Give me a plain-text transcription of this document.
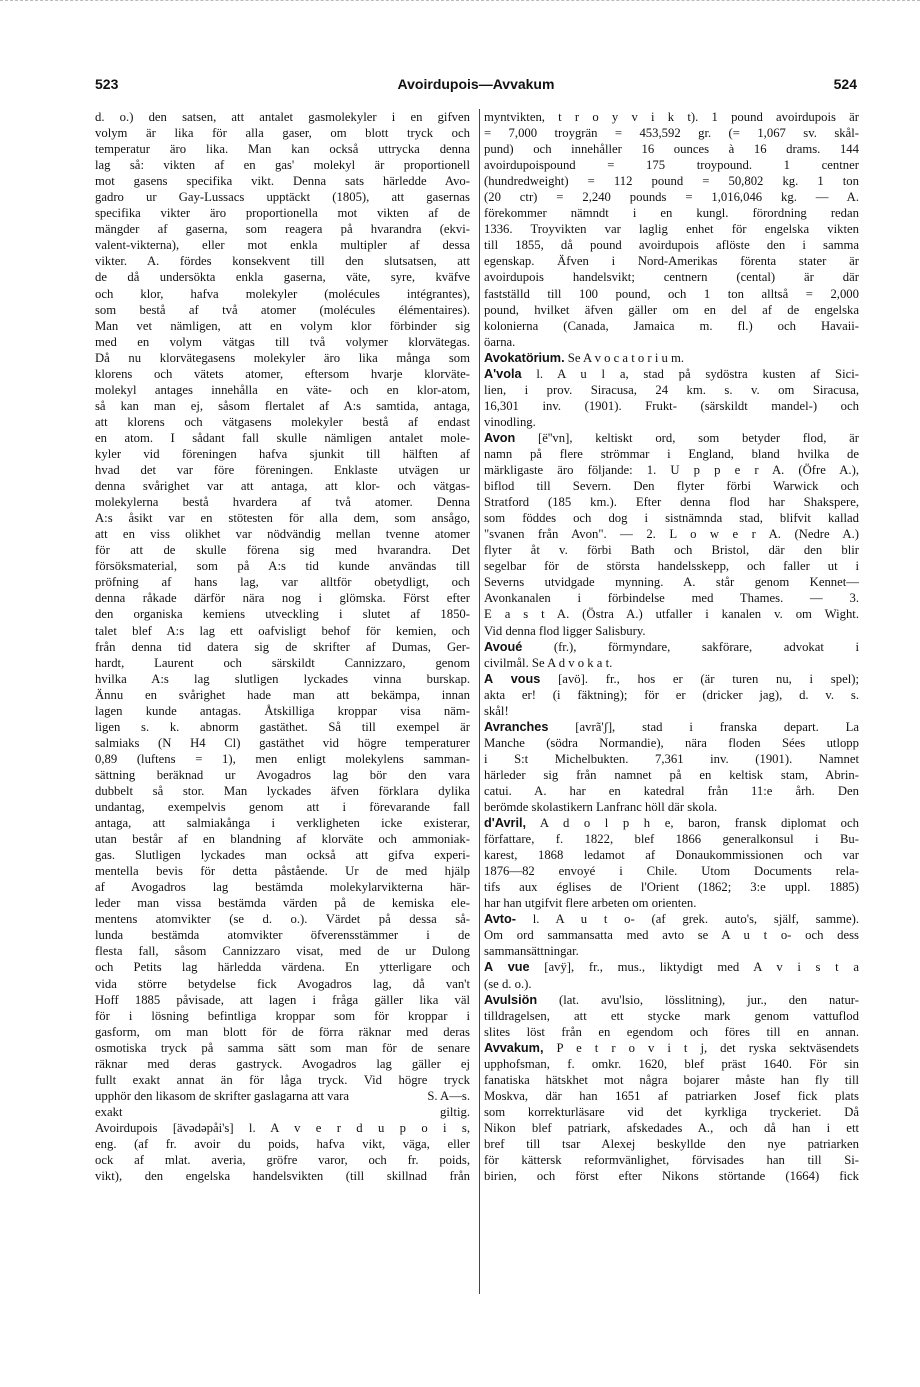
523	Avoirdupois—Avvakum	524
d. o.) den satsen, att antalet gasmolekyler i en gifven
volym är lika för alla gaser, om blott tryck och
temperatur äro lika. Man kan också uttrycka denna
lag så: vikten af en gas' molekyl är proportionell
mot gasens specifika vikt. Denna sats härledde Avo-
gadro ur Gay-Lussacs upptäckt (1805), att gasernas
specifika vikter äro proportionella mot vikten af de
mängder af gaserna, som reagera på hvarandra (ekvi-
valent-vikterna), eller mot enkla multipler af dessa
vikter. A. fördes konsekvent till den slutsatsen, att
de då undersökta enkla gaserna, väte, syre, kväfve
och klor, hafva molekyler (molécules intégrantes),
som bestå af två atomer (molécules élémentaires).
Man vet nämligen, att en volym klor förbinder sig
med en volym vätgas till två volymer klorvätegas.
Då nu klorvätegasens molekyler äro lika många som
klorens och vätets atomer, eftersom hvarje klorväte-
molekyl antages innehålla en väte- och en klor-atom,
så kan man ej, såsom flertalet af A:s samtida, antaga,
att klorens och vätgasens molekyler bestå af endast
en atom. I sådant fall skulle nämligen antalet mole-
kyler vid föreningen hafva sjunkit till hälften af
hvad det var före föreningen. Enklaste utvägen ur
denna svårighet var att antaga, att klor- och vätgas-
molekylerna bestå hvardera af två atomer. Denna
A:s åsikt var en stötesten för alla dem, som ansågo,
att en viss olikhet var nödvändig mellan tvenne atomer
för att de skulle förena sig med hvarandra. Det
försöksmaterial, som på A:s tid kunde användas till
pröfning af hans lag, var alltför obetydligt, och
denna råkade därför nära nog i glömska. Först efter
den organiska kemiens utveckling i slutet af 1850-
talet blef A:s lag ett oafvisligt behof för kemien, och
från denna tid datera sig de skrifter af Dumas, Ger-
hardt, Laurent och särskildt Cannizzaro, genom
hvilka A:s lag slutligen lyckades vinna burskap.
Ännu en svårighet hade man att bekämpa, innan
lagen kunde antagas. Åtskilliga kroppar visa näm-
ligen s. k. abnorm gastäthet. Så till exempel är
salmiaks (N H4 Cl) gastäthet vid högre temperaturer
0,89 (luftens = 1), men enligt molekylens samman-
sättning beräknad ur Avogadros lag bör den vara
dubbelt så stor. Man lyckades äfven förklara dylika
undantag, exempelvis genom att i förevarande fall
antaga, att salmiakånga i verkligheten icke existerar,
utan består af en blandning af klorväte och ammoniak-
gas. Slutligen lyckades man också att gifva experi-
mentella bevis för detta påstående. Ur de med hjälp
af Avogadros lag bestämda molekylarvikterna här-
leder man vissa bestämda värden på de kemiska ele-
mentens atomvikter (se d. o.). Värdet på dessa så-
lunda bestämda atomvikter öfverensstämmer i de
flesta fall, såsom Cannizzaro visat, med de ur Dulong
och Petits lag härledda värdena. En ytterligare och
vida större betydelse fick Avogadros lag, då van't
Hoff 1885 påvisade, att lagen i fråga gäller lika väl
för i lösning befintliga kroppar som för kroppar i
gasform, om man blott för de förra räknar med deras
osmotiska tryck på samma sätt som man för de senare
räknar med deras gastryck. Avogadros lag gäller ej
fullt exakt annat än för låga tryck. Vid högre tryck
upphör den likasom de skrifter gaslagarna att vara	S. A—s.
exakt giltig.
Avoirdupois [ävədəpåi's] l. A v e r d u p o i s,
eng. (af fr. avoir du poids, hafva vikt, väga, eller
ock af mlat. averia, gröfre varor, och fr. poids,
vikt), den engelska handelsvikten (till skillnad från
myntvikten, t r o y v i k t). 1 pound avoirdupois är
= 7,000 troygrän = 453,592 gr. (= 1,067 sv. skål-
pund) och innehåller 16 ounces à 16 drams. 144
avoirdupoispound = 175 troypound. 1 centner
(hundredweight) = 112 pound = 50,802 kg. 1 ton
(20 ctr) = 2,240 pounds = 1,016,046 kg. — A.
förekommer nämndt i en kungl. förordning redan
1336. Troyvikten var laglig enhet för engelska vikten
till 1855, då pound avoirdupois aflöste den i samma
egenskap. Äfven i Nord-Amerikas förenta stater är
avoirdupois handelsvikt; centnern (cental) är där
fastställd till 100 pound, och 1 ton alltså = 2,000
pound, hvilket äfven gäller om en del af de engelska
kolonierna (Canada, Jamaica m. fl.) och Havaii-
öarna.
Avokatörium. Se A v o c a t o r i u m.
A'vola l. A u l a, stad på sydöstra kusten af Sici-
lien, i prov. Siracusa, 24 km. s. v. om Siracusa,
16,301 inv. (1901). Frukt- (särskildt mandel-) och
vinodling.
Avon [ë''vn], keltiskt ord, som betyder flod, är
namn på flere strömmar i England, bland hvilka de
märkligaste äro följande: 1. U p p e r A. (Öfre A.),
biflod till Severn. Den flyter förbi Warwick och
Stratford (185 km.). Efter denna flod har Shakspere,
som föddes och dog i sistnämnda stad, blifvit kallad
"svanen från Avon". — 2. L o w e r A. (Nedre A.)
flyter åt v. förbi Bath och Bristol, där den blir
segelbar för de största handelsskepp, och faller ut i
Severns utvidgade mynning. A. står genom Kennet—
Avonkanalen i förbindelse med Thames. — 3.
E a s t A. (Östra A.) utfaller i kanalen v. om Wight.
Vid denna flod ligger Salisbury.
Avoué (fr.), förmyndare, sakförare, advokat i
civilmål. Se A d v o k a t.
A vous [avö]. fr., hos er (är turen nu, i spel);
akta er! (i fäktning); för er (dricker jag), d. v. s.
skål!
Avranches [avrã'ʃ], stad i franska depart. La
Manche (södra Normandie), nära floden Sées utlopp
i S:t Michelbukten. 7,361 inv. (1901). Namnet
härleder sig från namnet på en keltisk stam, Abrin-
catui. A. har en katedral från 11:e årh. Den
berömde skolastikern Lanfranc höll där skola.
d'Avril, A d o l p h e, baron, fransk diplomat och
författare, f. 1822, blef 1866 generalkonsul i Bu-
karest, 1868 ledamot af Donaukommissionen och var
1876—82 envoyé i Chile. Utom Documents rela-
tifs aux églises de l'Orient (1862; 3:e uppl. 1885)
har han utgifvit flere arbeten om orienten.
Avto- l. A u t o- (af grek. auto's, själf, samme).
Om ord sammansatta med avto se A u t o- och dess
sammansättningar.
A vue [avÿ], fr., mus., liktydigt med A v i s t a
(se d. o.).
Avulsiön (lat. avu'lsio, lösslitning), jur., den natur-
tilldragelsen, att ett stycke mark genom vattuflod
slites löst från en egendom och föres till en annan.
Avvakum, P e t r o v i t j, det ryska sektväsendets
upphofsman, f. omkr. 1620, blef präst 1640. För sin
fanatiska hätskhet mot några bojarer måste han fly till
Moskva, där han 1651 af patriarken Josef fick plats
som korrekturläsare vid det kyrkliga tryckeriet. Då
Nikon blef patriark, afskedades A., och då han i ett
bref till tsar Alexej beskyllde den nye patriarken
för kättersk reformvänlighet, förvisades han till Si-
birien, och först efter Nikons störtande (1664) fick
